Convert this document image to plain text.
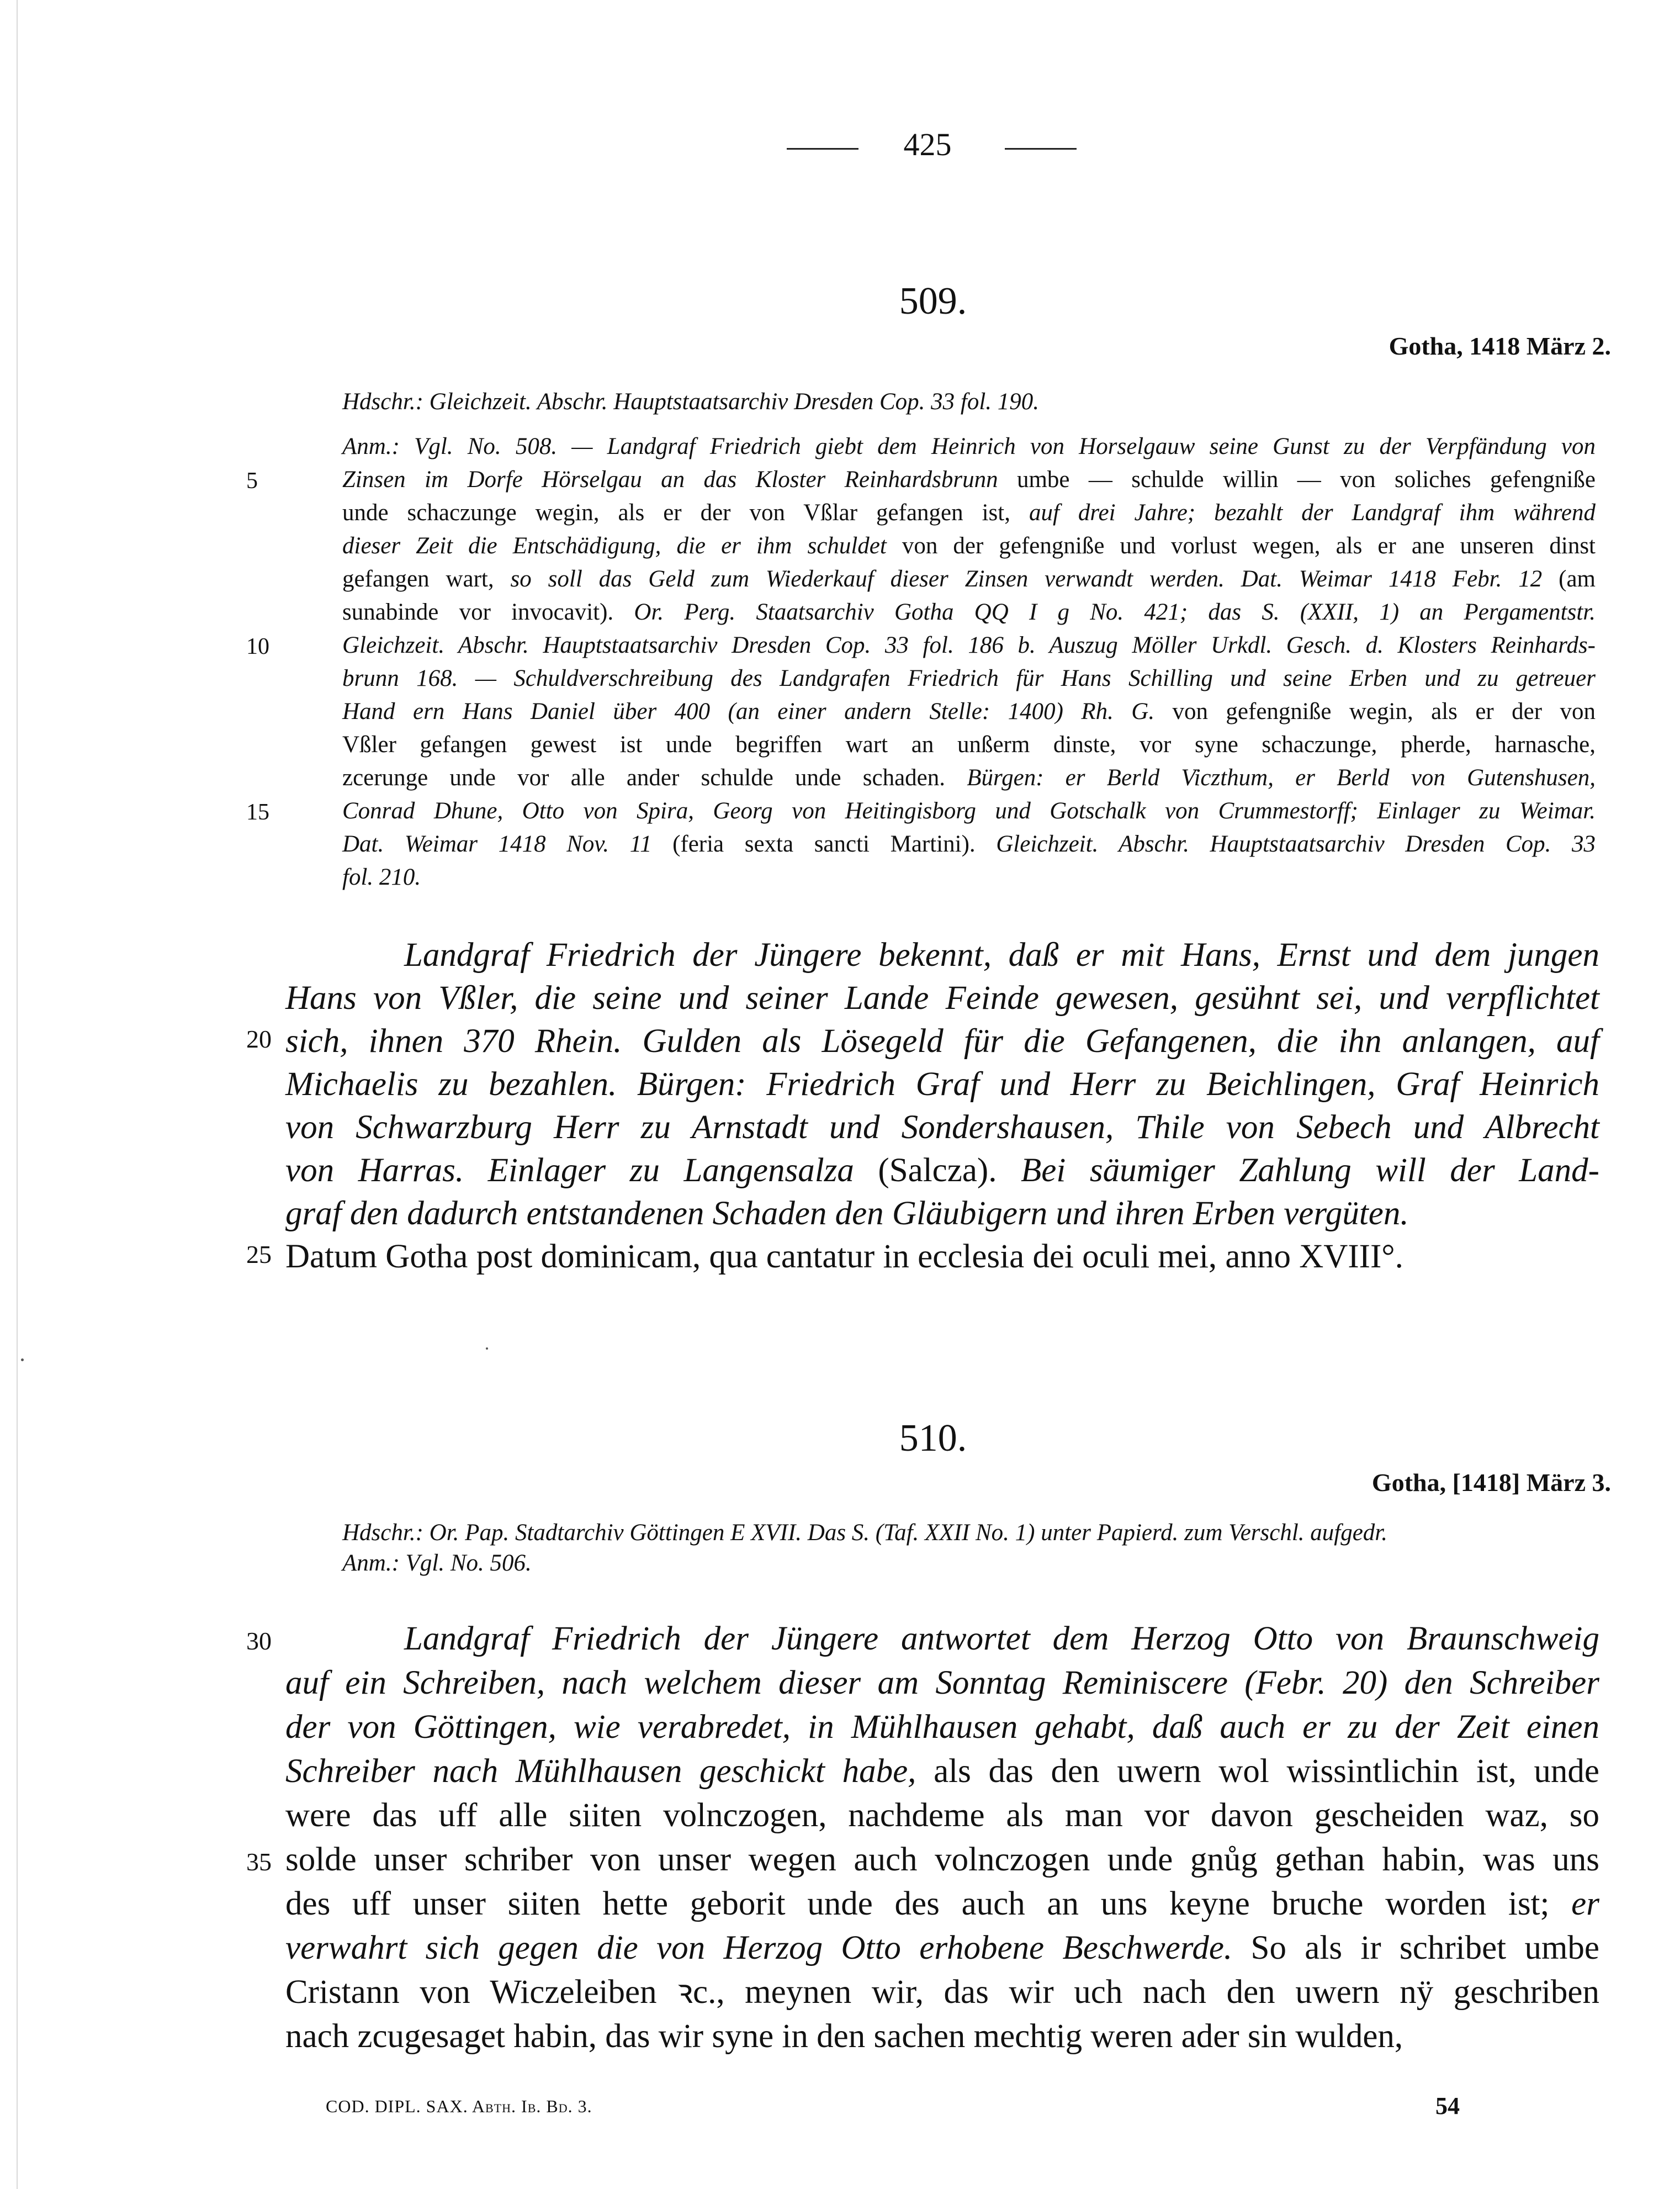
425
509.
Gotha, 1418 März 2.
Hdschr.: Gleichzeit. Abschr. Hauptstaatsarchiv Dresden Cop. 33 fol. 190.
Anm.: Vgl. No. 508. — Landgraf Friedrich giebt dem Heinrich von Horselgauw seine Gunst zu der Verpfändung von
Zinsen im Dorfe Hörselgau an das Kloster Reinhardsbrunn umbe — schulde willin — von soliches gefengniße
unde schaczunge wegin, als er der von Vßlar gefangen ist, auf drei Jahre; bezahlt der Landgraf ihm während
dieser Zeit die Entschädigung, die er ihm schuldet von der gefengniße und vorlust wegen, als er ane unseren dinst
gefangen wart, so soll das Geld zum Wiederkauf dieser Zinsen verwandt werden. Dat. Weimar 1418 Febr. 12 (am
sunabinde vor invocavit). Or. Perg. Staatsarchiv Gotha QQ I g No. 421; das S. (XXII, 1) an Pergamentstr.
Gleichzeit. Abschr. Hauptstaatsarchiv Dresden Cop. 33 fol. 186 b. Auszug Möller Urkdl. Gesch. d. Klosters Reinhards-
brunn 168. — Schuldverschreibung des Landgrafen Friedrich für Hans Schilling und seine Erben und zu getreuer
Hand ern Hans Daniel über 400 (an einer andern Stelle: 1400) Rh. G. von gefengniße wegin, als er der von
Vßler gefangen gewest ist unde begriffen wart an unßerm dinste, vor syne schaczunge, pherde, harnasche,
zcerunge unde vor alle ander schulde unde schaden. Bürgen: er Berld Viczthum, er Berld von Gutenshusen,
Conrad Dhune, Otto von Spira, Georg von Heitingisborg und Gotschalk von Crummestorff; Einlager zu Weimar.
Dat. Weimar 1418 Nov. 11 (feria sexta sancti Martini). Gleichzeit. Abschr. Hauptstaatsarchiv Dresden Cop. 33
fol. 210.
5
10
15
Landgraf Friedrich der Jüngere bekennt, daß er mit Hans, Ernst und dem jungen
Hans von Vßler, die seine und seiner Lande Feinde gewesen, gesühnt sei, und verpflichtet
sich, ihnen 370 Rhein. Gulden als Lösegeld für die Gefangenen, die ihn anlangen, auf
Michaelis zu bezahlen. Bürgen: Friedrich Graf und Herr zu Beichlingen, Graf Heinrich
von Schwarzburg Herr zu Arnstadt und Sondershausen, Thile von Sebech und Albrecht
von Harras. Einlager zu Langensalza (Salcza). Bei säumiger Zahlung will der Land-
graf den dadurch entstandenen Schaden den Gläubigern und ihren Erben vergüten.
Datum Gotha post dominicam, qua cantatur in ecclesia dei oculi mei, anno XVIII°.
20
25
510.
Gotha, [1418] März 3.
Hdschr.: Or. Pap. Stadtarchiv Göttingen E XVII. Das S. (Taf. XXII No. 1) unter Papierd. zum Verschl. aufgedr.
Anm.: Vgl. No. 506.
Landgraf Friedrich der Jüngere antwortet dem Herzog Otto von Braunschweig
auf ein Schreiben, nach welchem dieser am Sonntag Reminiscere (Febr. 20) den Schreiber
der von Göttingen, wie verabredet, in Mühlhausen gehabt, daß auch er zu der Zeit einen
Schreiber nach Mühlhausen geschickt habe, als das den uwern wol wissintlichin ist, unde
were das uff alle siiten volnczogen, nachdeme als man vor davon gescheiden waz, so
solde unser schriber von unser wegen auch volnczogen unde gnůg gethan habin, was uns
des uff unser siiten hette geborit unde des auch an uns keyne bruche worden ist; er
verwahrt sich gegen die von Herzog Otto erhobene Beschwerde. So als ir schribet umbe
Cristann von Wiczeleiben ꝛc., meynen wir, das wir uch nach den uwern nÿ geschriben
nach zcugesaget habin, das wir syne in den sachen mechtig weren ader sin wulden,
30
35
COD. DIPL. SAX. Abth. Ib. Bd. 3.	54
